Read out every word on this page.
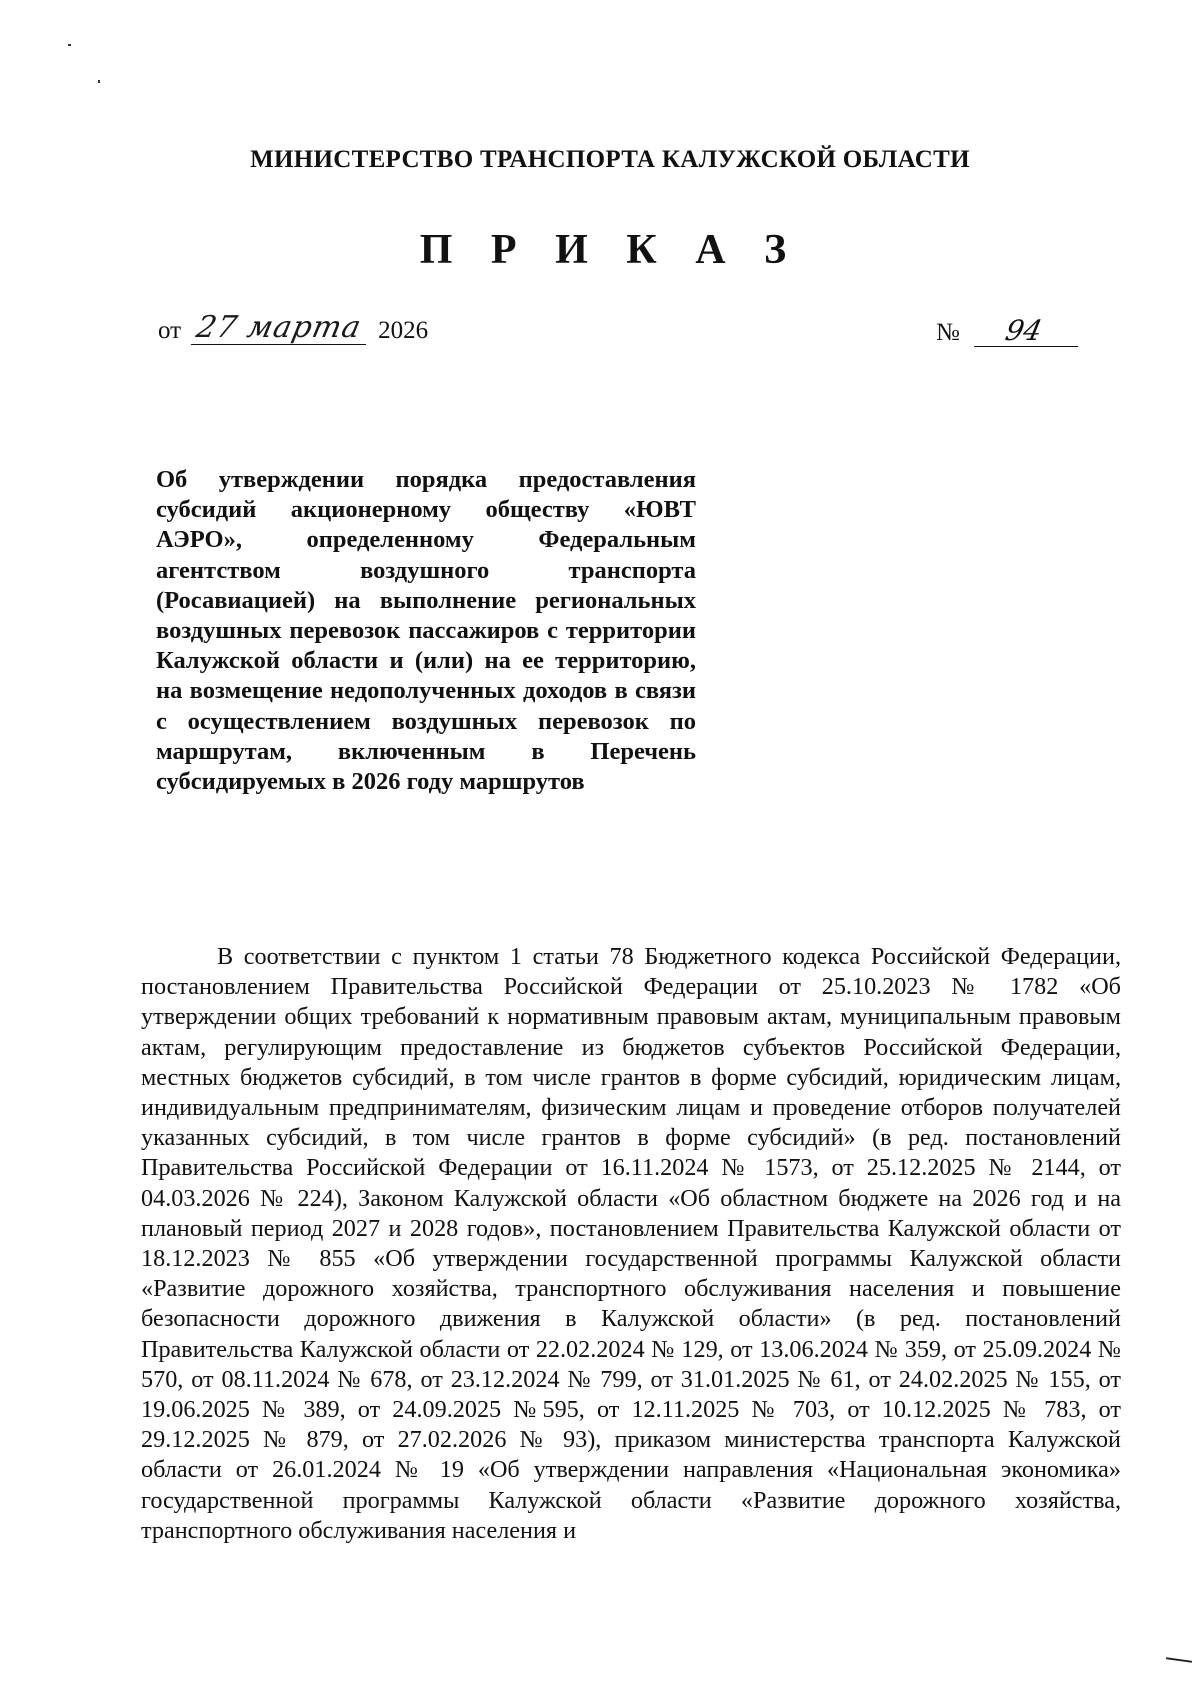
МИНИСТЕРСТВО ТРАНСПОРТА КАЛУЖСКОЙ ОБЛАСТИ
П Р И К А З
от 27 марта 2026	№ 94
Об утверждении порядка предоставления субсидий акционерному обществу «ЮВТ АЭРО», определенному Федеральным агентством воздушного транспорта (Росавиацией) на выполнение региональных воздушных перевозок пассажиров с территории Калужской области и (или) на ее территорию, на возмещение недополученных доходов в связи с осуществлением воздушных перевозок по маршрутам, включенным в Перечень субсидируемых в 2026 году маршрутов
В соответствии с пунктом 1 статьи 78 Бюджетного кодекса Российской Федерации, постановлением Правительства Российской Федерации от 25.10.2023 № 1782 «Об утверждении общих требований к нормативным правовым актам, муниципальным правовым актам, регулирующим предоставление из бюджетов субъектов Российской Федерации, местных бюджетов субсидий, в том числе грантов в форме субсидий, юридическим лицам, индивидуальным предпринимателям, физическим лицам и проведение отборов получателей указанных субсидий, в том числе грантов в форме субсидий» (в ред. постановлений Правительства Российской Федерации от 16.11.2024 № 1573, от 25.12.2025 № 2144, от 04.03.2026 № 224), Законом Калужской области «Об областном бюджете на 2026 год и на плановый период 2027 и 2028 годов», постановлением Правительства Калужской области от 18.12.2023 № 855 «Об утверждении государственной программы Калужской области «Развитие дорожного хозяйства, транспортного обслуживания населения и повышение безопасности дорожного движения в Калужской области» (в ред. постановлений Правительства Калужской области от 22.02.2024 № 129, от 13.06.2024 № 359, от 25.09.2024 № 570, от 08.11.2024 № 678, от 23.12.2024 № 799, от 31.01.2025 № 61, от 24.02.2025 № 155, от 19.06.2025 № 389, от 24.09.2025 №595, от 12.11.2025 № 703, от 10.12.2025 № 783, от 29.12.2025 № 879, от 27.02.2026 № 93), приказом министерства транспорта Калужской области от 26.01.2024 № 19 «Об утверждении направления «Национальная экономика» государственной программы Калужской области «Развитие дорожного хозяйства, транспортного обслуживания населения и
